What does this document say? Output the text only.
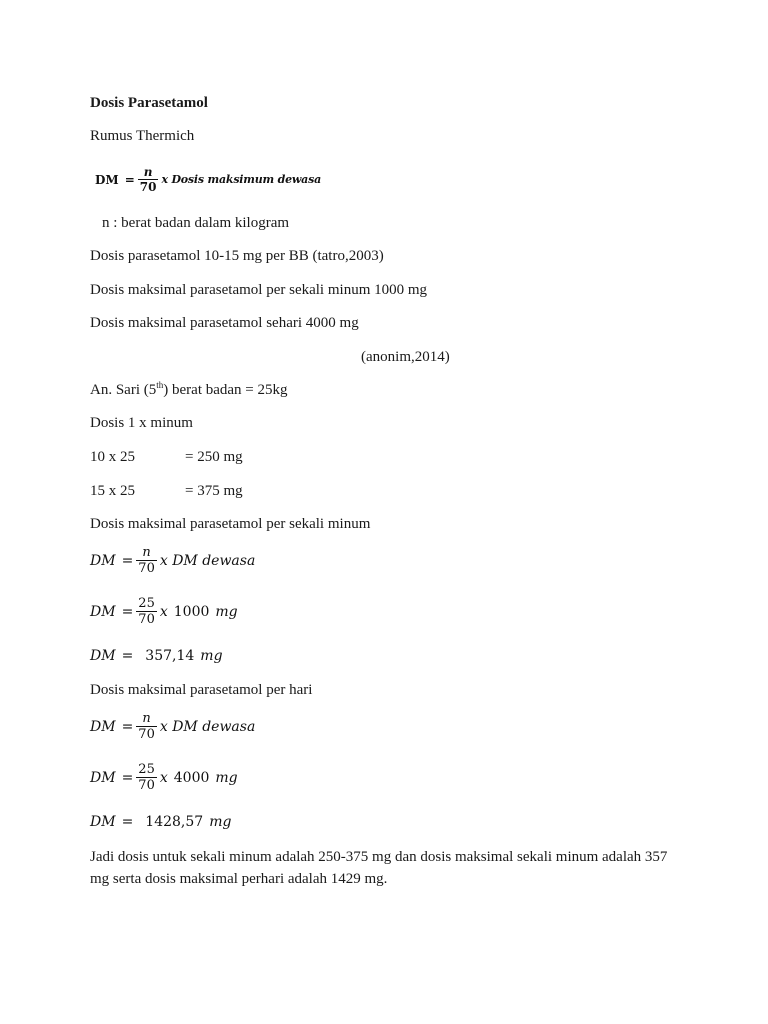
Dosis Parasetamol
Rumus Thermich
DM = $\frac{n}{70}$ x Dosis maksimum dewasa
n : berat badan dalam kilogram
Dosis parasetamol 10-15 mg per BB (tatro,2003)
Dosis maksimal parasetamol per sekali minum 1000 mg
Dosis maksimal parasetamol sehari 4000 mg
(anonim,2014)
An. Sari (5th) berat badan = 25kg
Dosis 1 x minum
10 x 25	= 250 mg
15 x 25	= 375 mg
Dosis maksimal parasetamol per sekali minum
DM = $\frac{n}{70}$ x DM dewasa
DM = $\frac{25}{70}$ x 1000 mg
DM = 357,14 mg
Dosis maksimal parasetamol per hari
DM = $\frac{n}{70}$ x DM dewasa
DM = $\frac{25}{70}$ x 4000 mg
DM = 1428,57 mg
Jadi dosis untuk sekali minum adalah 250-375 mg dan dosis maksimal sekali minum adalah 357 mg serta dosis maksimal perhari adalah 1429 mg.
